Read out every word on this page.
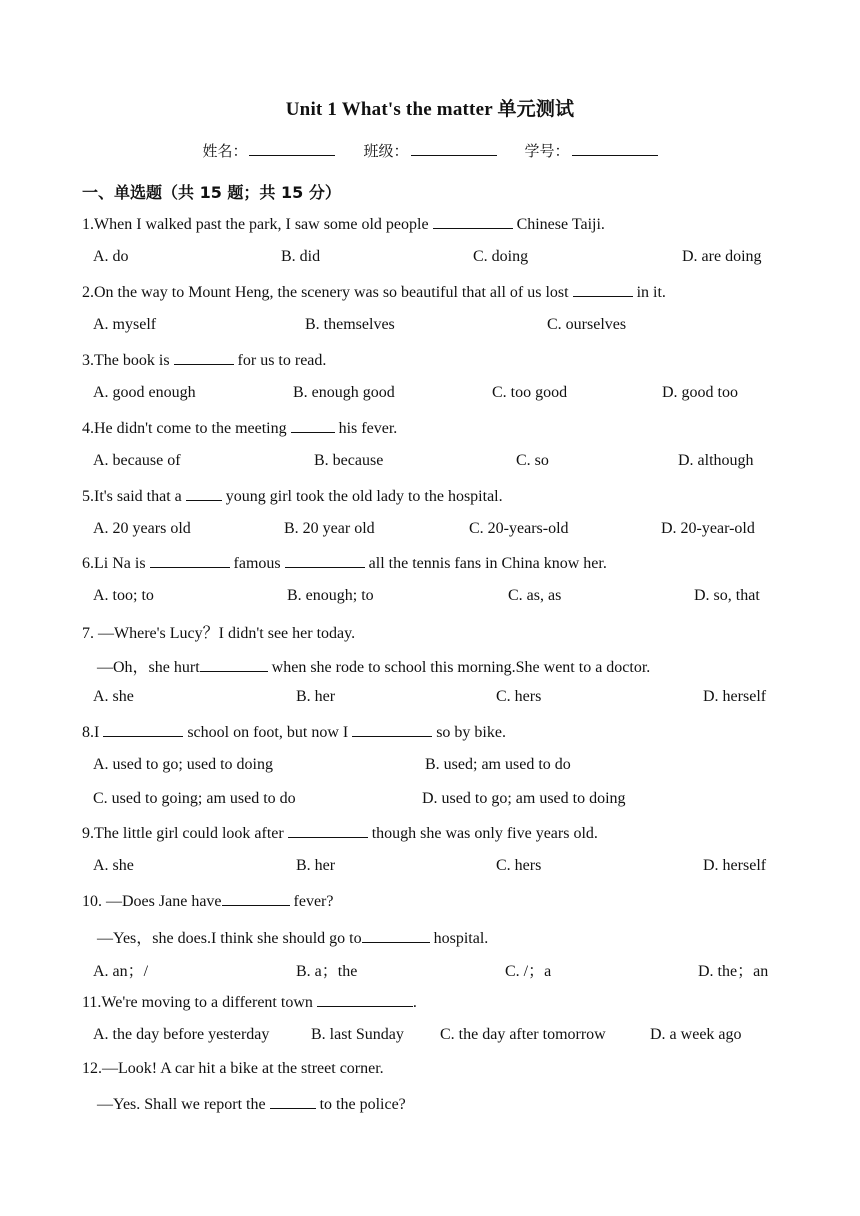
Unit 1 What's the matter 单元测试
姓名：	班级：	学号：
一、单选题（共 15 题；共 15 分）
1.When I walked past the park, I saw some old people	Chinese Taiji.
A. do	B. did	C. doing	D. are doing
2.On the way to Mount Heng, the scenery was so beautiful that all of us lost	in it.
A. myself	B. themselves	C. ourselves
3.The book is	for us to read.
A. good enough	B. enough good	C. too good	D. good too
4.He didn't come to the meeting	his fever.
A. because of	B. because	C. so	D. although
5.It's said that a  young girl took the old lady to the hospital.
A. 20 years old	B. 20 year old	C. 20-years-old	D. 20-year-old
6.Li Na is	famous	all the tennis fans in China know her.
A. too; to	B. enough; to	C. as, as	D. so, that
7. —Where's Lucy？I didn't see her today.
—Oh，she hurt	when she rode to school this morning.She went to a doctor.
A. she	B. her	C. hers	D. herself
8.I	school on foot, but now I	so by bike.
A. used to go; used to doing	B. used; am used to do
C. used to going; am used to do	D. used to go; am used to doing
9.The little girl could look after	though she was only five years old.
A. she	B. her	C. hers	D. herself
10. —Does Jane have	fever?
—Yes，she does.I think she should go to	hospital.
A. an；/	B. a；the	C. /；a	D. the；an
11.We're moving to a different town	.
A. the day before yesterday	B. last Sunday C. the day after tomorrow	D. a week ago
12.—Look! A car hit a bike at the street corner.
—Yes. Shall we report the	to the police?
